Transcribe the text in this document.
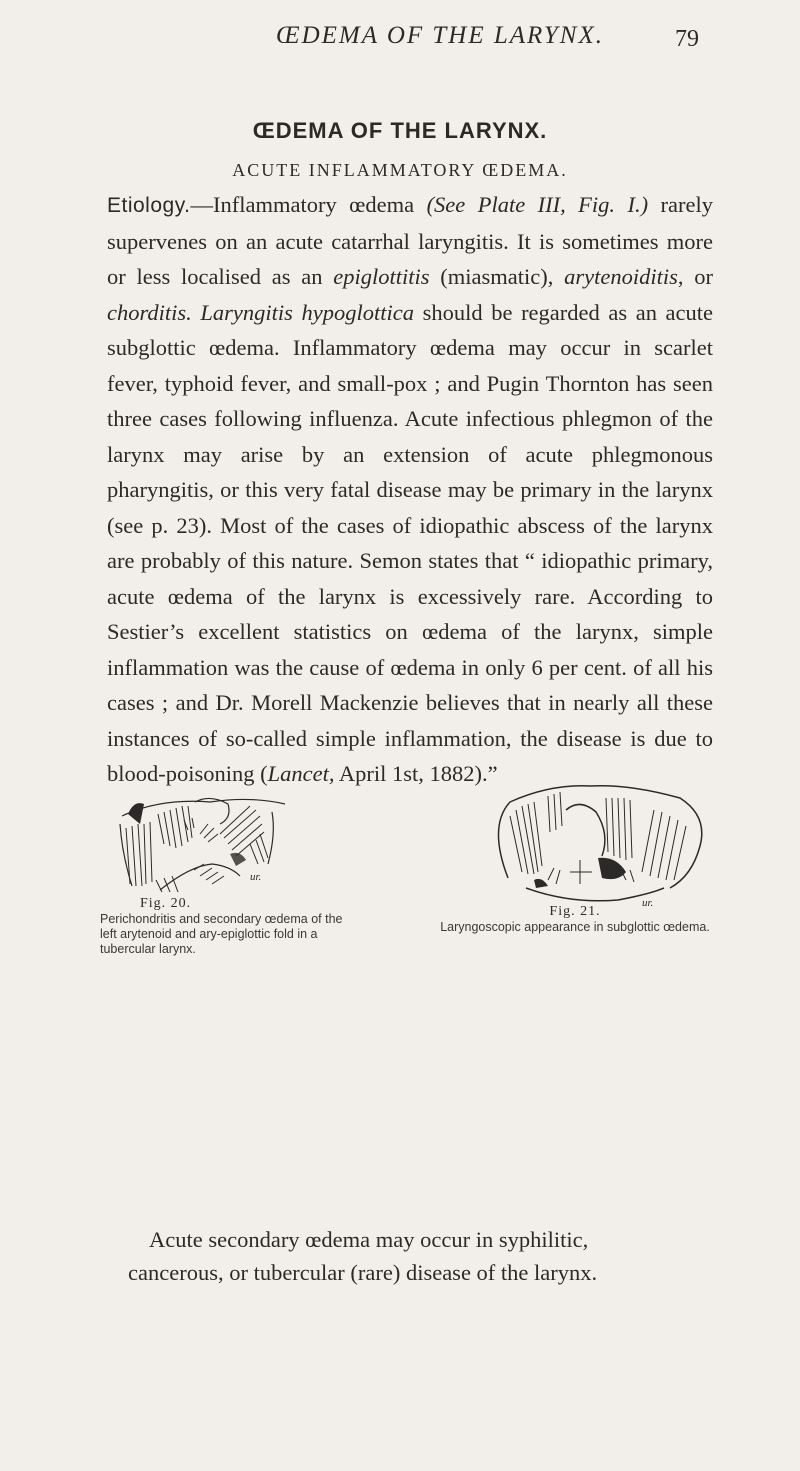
ŒDEMA OF THE LARYNX.	79
ŒDEMA OF THE LARYNX.
ACUTE INFLAMMATORY ŒDEMA.

Etiology.—Inflammatory œdema (See Plate III, Fig. I.) rarely supervenes on an acute catarrhal laryngitis. It is sometimes more or less localised as an epiglottitis (miasmatic), arytenoiditis, or chorditis. Laryngitis hypoglottica should be regarded as an acute subglottic œdema. Inflammatory œdema may occur in scarlet fever, typhoid fever, and small-pox ; and Pugin Thornton has seen three cases following influenza. Acute infectious phlegmon of the larynx may arise by an extension of acute phlegmonous pharyngitis, or this very fatal disease may be primary in the larynx (see p. 23). Most of the cases of idiopathic abscess of the larynx are probably of this nature. Semon states that “ idiopathic primary, acute œdema of the larynx is excessively rare. According to Sestier’s excellent statistics on œdema of the larynx, simple inflammation was the cause of œdema in only 6 per cent. of all his cases ; and Dr. Morell Mackenzie believes that in nearly all these instances of so-called simple inflammation, the disease is due to blood-poisoning (Lancet, April 1st, 1882).”

ur.
Fig. 20.
Perichondritis and secondary œdema of the left arytenoid and ary-epiglottic fold in a tubercular larynx.
ur.
Fig. 21.
Laryngoscopic appearance in subglottic œdema.
Acute secondary œdema may occur in syphilitic,
cancerous, or tubercular (rare) disease of the larynx.
